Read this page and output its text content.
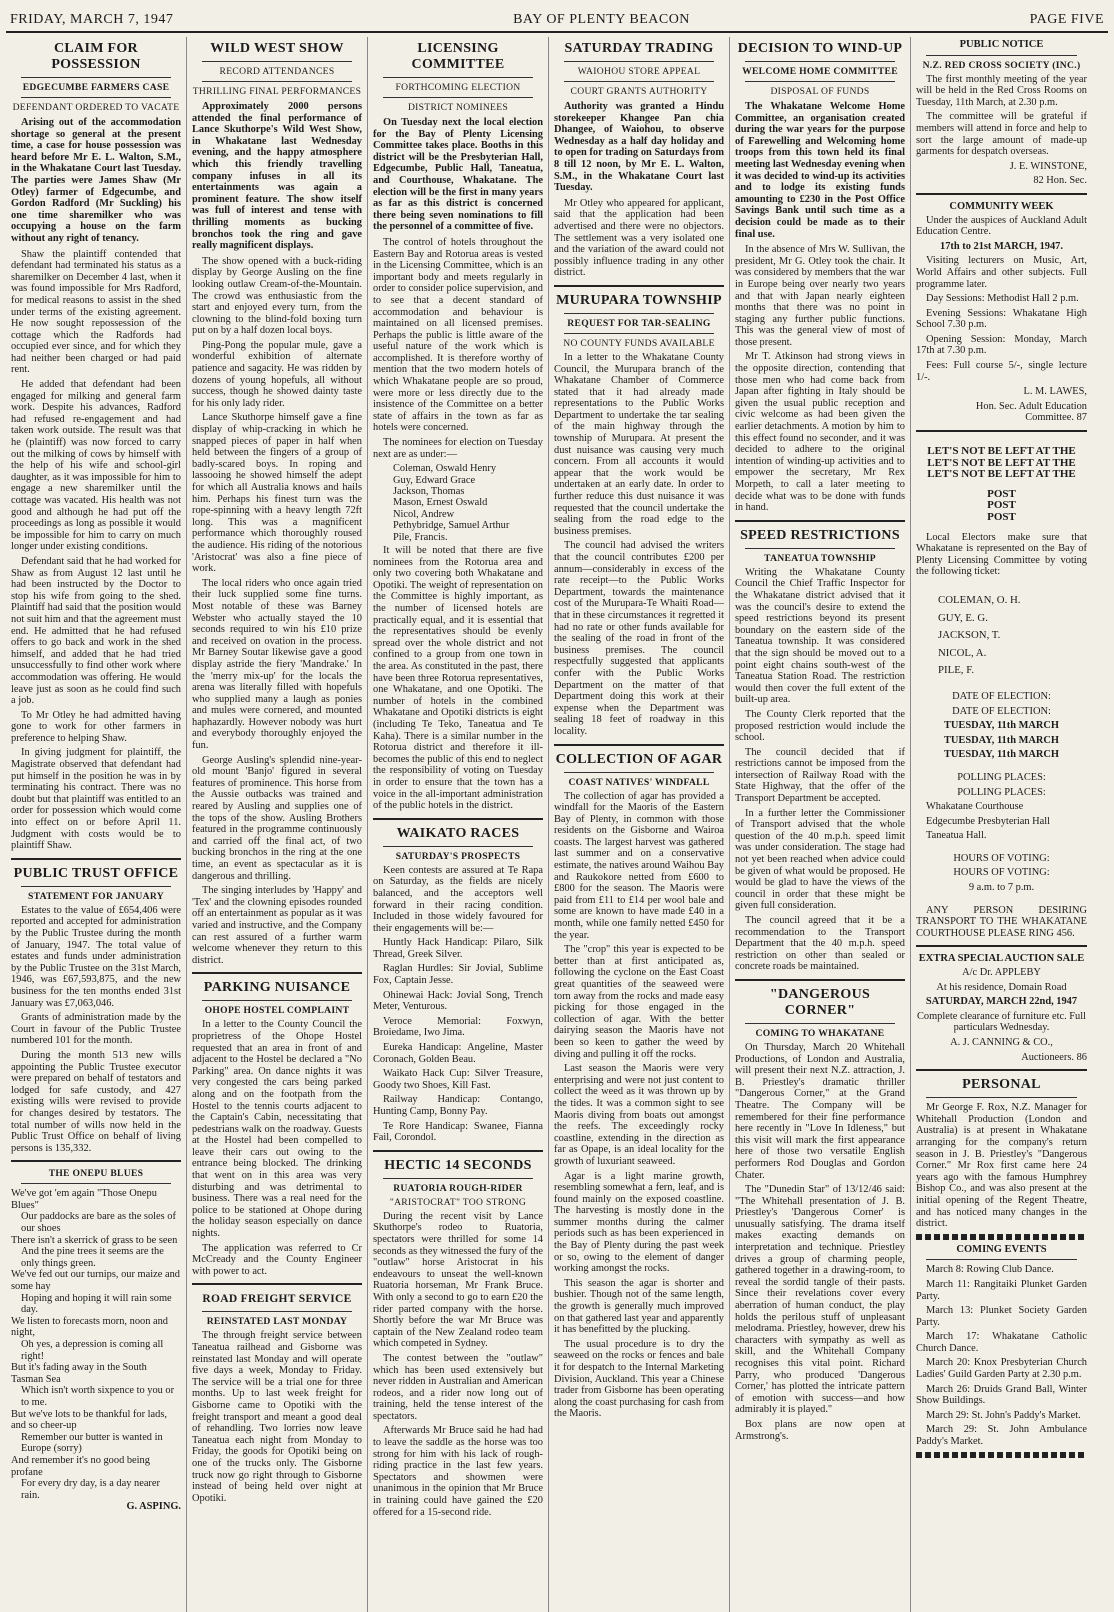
FRIDAY, MARCH 7, 1947	BAY OF PLENTY BEACON	PAGE FIVE
CLAIM FOR POSSESSION
EDGECUMBE FARMERS CASE
DEFENDANT ORDERED TO VACATE

Arising out of the accommodation shortage so general at the present time, a case for house possession was heard before Mr E. L. Walton, S.M., in the Whakatane Court last Tuesday. The parties were James Shaw (Mr Otley) farmer of Edgecumbe, and Gordon Radford (Mr Suckling) his one time sharemilker who was occupying a house on the farm without any right of tenancy.

Shaw the plaintiff contended that defendant had terminated his status as a sharemilker on December 4 last, when it was found impossible for Mrs Radford, for medical reasons to assist in the shed under terms of the existing agreement. He now sought repossession of the cottage which the Radfords had occupied ever since, and for which they had neither been charged or had paid rent.

He added that defendant had been engaged for milking and general farm work. Despite his advances, Radford had refused re-engagement and had taken work outside. The result was that he (plaintiff) was now forced to carry out the milking of cows by himself with the help of his wife and school-girl daughter, as it was impossible for him to engage a new sharemilker until the cottage was vacated. His health was not good and although he had put off the proceedings as long as possible it would be impossible for him to carry on much longer under existing conditions.

Defendant said that he had worked for Shaw as from August 12 last until he had been instructed by the Doctor to stop his wife from going to the shed. Plaintiff had said that the position would not suit him and that the agreement must end. He admitted that he had refused offers to go back and work in the shed himself, and added that he had tried unsuccessfully to find other work where accommodation was offering. He would leave just as soon as he could find such a job.

To Mr Otley he had admitted having gone to work for other farmers in preference to helping Shaw.

In giving judgment for plaintiff, the Magistrate observed that defendant had put himself in the position he was in by terminating his contract. There was no doubt but that plaintiff was entitled to an order for possession which would come into effect on or before April 11. Judgment with costs would be to plaintiff Shaw.

PUBLIC TRUST OFFICE
STATEMENT FOR JANUARY

Estates to the value of £654,406 were reported and accepted for administration by the Public Trustee during the month of January, 1947. The total value of estates and funds under administration by the Public Trustee on the 31st March, 1946, was £67,593,875, and the new business for the ten months ended 31st January was £7,063,046.

Grants of administration made by the Court in favour of the Public Trustee numbered 101 for the month.

During the month 513 new wills appointing the Public Trustee executor were prepared on behalf of testators and lodged for safe custody, and 427 existing wills were revised to provide for changes desired by testators. The total number of wills now held in the Public Trust Office on behalf of living persons is 135,332.

THE ONEPU BLUES

We've got 'em again "Those Onepu Blues"

Our paddocks are bare as the soles of our shoes

There isn't a skerrick of grass to be seen

And the pine trees it seems are the only things green.

We've fed out our turnips, our maize and some hay

Hoping and hoping it will rain some day.

We listen to forecasts morn, noon and night,

Oh yes, a depression is coming all right!

But it's fading away in the South Tasman Sea

Which isn't worth sixpence to you or to me.

But we've lots to be thankful for lads, and so cheer-up

Remember our butter is wanted in Europe (sorry)

And remember it's no good being profane

For every dry day, is a day nearer rain.

G. ASPING.

WILD WEST SHOW
RECORD ATTENDANCES
THRILLING FINAL PERFORMANCES

Approximately 2000 persons attended the final performance of Lance Skuthorpe's Wild West Show, in Whakatane last Wednesday evening, and the happy atmosphere which this friendly travelling company infuses in all its entertainments was again a prominent feature. The show itself was full of interest and tense with thrilling moments as bucking bronchos took the ring and gave really magnificent displays.

The show opened with a buck-riding display by George Ausling on the fine looking outlaw Cream-of-the-Mountain. The crowd was enthusiastic from the start and enjoyed every turn, from the clowning to the blind-fold boxing turn put on by a half dozen local boys.

Ping-Pong the popular mule, gave a wonderful exhibition of alternate patience and sagacity. He was ridden by dozens of young hopefuls, all without success, though he showed dainty taste for his only lady rider.

Lance Skuthorpe himself gave a fine display of whip-cracking in which he snapped pieces of paper in half when held between the fingers of a group of badly-scared boys. In roping and lassooing he showed himself the adept for which all Australia knows and hails him. Perhaps his finest turn was the rope-spinning with a heavy length 72ft long. This was a magnificent performance which thoroughly roused the audience. His riding of the notorious 'Aristocrat' was also a fine piece of work.

The local riders who once again tried their luck supplied some fine turns. Most notable of these was Barney Webster who actually stayed the 10 seconds required to win his £10 prize and received on ovation in the process. Mr Barney Soutar likewise gave a good display astride the fiery 'Mandrake.' In the 'merry mix-up' for the locals the arena was literally filled with hopefuls who supplied many a laugh as ponies and mules were cornered, and mounted haphazardly. However nobody was hurt and everybody thoroughly enjoyed the fun.

George Ausling's splendid nine-year-old mount 'Banjo' figured in several features of prominence. This horse from the Aussie outbacks was trained and reared by Ausling and supplies one of the tops of the show. Ausling Brothers featured in the programme continuously and carried off the final act, of two bucking bronchos in the ring at the one time, an event as spectacular as it is dangerous and thrilling.

The singing interludes by 'Happy' and 'Tex' and the clowning episodes rounded off an entertainment as popular as it was varied and instructive, and the Company can rest assured of a further warm welcome whenever they return to this district.

PARKING NUISANCE
OHOPE HOSTEL COMPLAINT

In a letter to the County Council the proprietress of the Ohope Hostel requested that an area in front of and adjacent to the Hostel be declared a "No Parking" area. On dance nights it was very congested the cars being parked along and on the footpath from the Hostel to the tennis courts adjacent to the Captain's Cabin, necessitating that pedestrians walk on the roadway. Guests at the Hostel had been compelled to leave their cars out owing to the entrance being blocked. The drinking that went on in this area was very disturbing and was detrimental to business. There was a real need for the police to be stationed at Ohope during the holiday season especially on dance nights.

The application was referred to Cr McCready and the County Engineer with power to act.

ROAD FREIGHT SERVICE
REINSTATED LAST MONDAY

The through freight service between Taneatua railhead and Gisborne was reinstated last Monday and will operate five days a week, Monday to Friday. The service will be a trial one for three months. Up to last week freight for Gisborne came to Opotiki with the freight transport and meant a good deal of rehandling. Two lorries now leave Taneatua each night from Monday to Friday, the goods for Opotiki being on one of the trucks only. The Gisborne truck now go right through to Gisborne instead of being held over night at Opotiki.

LICENSING COMMITTEE
FORTHCOMING ELECTION
DISTRICT NOMINEES

On Tuesday next the local election for the Bay of Plenty Licensing Committee takes place. Booths in this district will be the Presbyterian Hall, Edgecumbe, Public Hall, Taneatua, and Courthouse, Whakatane. The election will be the first in many years as far as this district is concerned there being seven nominations to fill the personnel of a committee of five.

The control of hotels throughout the Eastern Bay and Rotorua areas is vested in the Licensing Committee, which is an important body and meets regularly in order to consider police supervision, and to see that a decent standard of accommodation and behaviour is maintained on all licensed premises. Perhaps the public is little aware of the useful nature of the work which is accomplished. It is therefore worthy of mention that the two modern hotels of which Whakatane people are so proud, were more or less directly due to the insistence of the Committee on a better state of affairs in the town as far as hotels were concerned.

The nominees for election on Tuesday next are as under:—

Coleman, Oswald Henry
Guy, Edward Grace
Jackson, Thomas
Mason, Ernest Oswald
Nicol, Andrew
Pethybridge, Samuel Arthur
Pile, Francis.

It will be noted that there are five nominees from the Rotorua area and only two covering both Whakatane and Opotiki. The weight of representation on the Committee is highly important, as the number of licensed hotels are practically equal, and it is essential that the representatives should be evenly spread over the whole district and not confined to a group from one town in the area. As constituted in the past, there have been three Rotorua representatives, one Whakatane, and one Opotiki. The number of hotels in the combined Whakatane and Opotiki districts is eight (including Te Teko, Taneatua and Te Kaha). There is a similar number in the Rotorua district and therefore it ill-becomes the public of this end to neglect the responsibility of voting on Tuesday in order to ensure that the town has a voice in the all-important administration of the public hotels in the district.

WAIKATO RACES
SATURDAY'S PROSPECTS

Keen contests are assured at Te Rapa on Saturday, as the fields are nicely balanced, and the acceptors well forward in their racing condition. Included in those widely favoured for their engagements will be:—

Huntly Hack Handicap: Pilaro, Silk Thread, Greek Silver.

Raglan Hurdles: Sir Jovial, Sublime Fox, Captain Jesse.

Ohinewai Hack: Jovial Song, Trench Meter, Venturous.

Veroce Memorial: Foxwyn, Broiedame, Iwo Jima.

Eureka Handicap: Angeline, Master Coronach, Golden Beau.

Waikato Hack Cup: Silver Treasure, Goody two Shoes, Kill Fast.

Railway Handicap: Contango, Hunting Camp, Bonny Pay.

Te Rore Handicap: Swanee, Fianna Fail, Corondol.

HECTIC 14 SECONDS
RUATORIA ROUGH-RIDER
"ARISTOCRAT" TOO STRONG

During the recent visit by Lance Skuthorpe's rodeo to Ruatoria, spectators were thrilled for some 14 seconds as they witnessed the fury of the "outlaw" horse Aristocrat in his endeavours to unseat the well-known Ruatoria horseman, Mr Frank Bruce. With only a second to go to earn £20 the rider parted company with the horse. Shortly before the war Mr Bruce was captain of the New Zealand rodeo team which competed in Sydney.

The contest between the "outlaw" which has been used extensively but never ridden in Australian and American rodeos, and a rider now long out of training, held the tense interest of the spectators.

Afterwards Mr Bruce said he had had to leave the saddle as the horse was too strong for him with his lack of rough-riding practice in the last few years. Spectators and showmen were unanimous in the opinion that Mr Bruce in training could have gained the £20 offered for a 15-second ride.

SATURDAY TRADING
WAIOHOU STORE APPEAL
COURT GRANTS AUTHORITY

Authority was granted a Hindu storekeeper Khangee Pan chia Dhangee, of Waiohou, to observe Wednesday as a half day holiday and to open for trading on Saturdays from 8 till 12 noon, by Mr E. L. Walton, S.M., in the Whakatane Court last Tuesday.

Mr Otley who appeared for applicant, said that the application had been advertised and there were no objectors. The settlement was a very isolated one and the variation of the award could not possibly influence trading in any other district.

MURUPARA TOWNSHIP
REQUEST FOR TAR-SEALING
NO COUNTY FUNDS AVAILABLE

In a letter to the Whakatane County Council, the Murupara branch of the Whakatane Chamber of Commerce stated that it had already made representations to the Public Works Department to undertake the tar sealing of the main highway through the township of Murupara. At present the dust nuisance was causing very much concern. From all accounts it would appear that the work would be undertaken at an early date. In order to further reduce this dust nuisance it was requested that the council undertake the sealing from the road edge to the business premises.

The council had advised the writers that the council contributes £200 per annum—considerably in excess of the rate receipt—to the Public Works Department, towards the maintenance cost of the Murupara-Te Whaiti Road—that in these circumstances it regretted it had no rate or other funds available for the sealing of the road in front of the business premises. The council respectfully suggested that applicants confer with the Public Works Department on the matter of that Department doing this work at their expense when the Department was sealing 18 feet of roadway in this locality.

COLLECTION OF AGAR
COAST NATIVES' WINDFALL

The collection of agar has provided a windfall for the Maoris of the Eastern Bay of Plenty, in common with those residents on the Gisborne and Wairoa coasts. The largest harvest was gathered last summer and on a conservative estimate, the natives around Waihou Bay and Raukokore netted from £600 to £800 for the season. The Maoris were paid from £11 to £14 per wool bale and some are known to have made £40 in a month, while one family netted £450 for the year.

The "crop" this year is expected to be better than at first anticipated as, following the cyclone on the East Coast great quantities of the seaweed were torn away from the rocks and made easy picking for those engaged in the collection of agar. With the better dairying season the Maoris have not been so keen to gather the weed by diving and pulling it off the rocks.

Last season the Maoris were very enterprising and were not just content to collect the weed as it was thrown up by the tides. It was a common sight to see Maoris diving from boats out amongst the reefs. The exceedingly rocky coastline, extending in the direction as far as Opape, is an ideal locality for the growth of luxuriant seaweed.

Agar is a light marine growth, resembling somewhat a fern, leaf, and is found mainly on the exposed coastline. The harvesting is mostly done in the summer months during the calmer periods such as has been experienced in the Bay of Plenty during the past week or so, owing to the element of danger working amongst the rocks.

This season the agar is shorter and bushier. Though not of the same length, the growth is generally much improved on that gathered last year and apparently it has benefitted by the plucking.

The usual procedure is to dry the seaweed on the rocks or fences and bale it for despatch to the Internal Marketing Division, Auckland. This year a Chinese trader from Gisborne has been operating along the coast purchasing for cash from the Maoris.

DECISION TO WIND-UP
WELCOME HOME COMMITTEE
DISPOSAL OF FUNDS

The Whakatane Welcome Home Committee, an organisation created during the war years for the purpose of Farewelling and Welcoming home troops from this town held its final meeting last Wednesday evening when it was decided to wind-up its activities and to lodge its existing funds amounting to £230 in the Post Office Savings Bank until such time as a decision could be made as to their final use.

In the absence of Mrs W. Sullivan, the president, Mr G. Otley took the chair. It was considered by members that the war in Europe being over nearly two years and that with Japan nearly eighteen months that there was no point in staging any further public functions. This was the general view of most of those present.

Mr T. Atkinson had strong views in the opposite direction, contending that those men who had come back from Japan after fighting in Italy should be given the usual public reception and civic welcome as had been given the earlier detachments. A motion by him to this effect found no seconder, and it was decided to adhere to the original intention of winding-up activities and to empower the secretary, Mr Rex Morpeth, to call a later meeting to decide what was to be done with funds in hand.

SPEED RESTRICTIONS
TANEATUA TOWNSHIP

Writing the Whakatane County Council the Chief Traffic Inspector for the Whakatane district advised that it was the council's desire to extend the speed restrictions beyond its present boundary on the eastern side of the Taneatua township. It was considered that the sign should be moved out to a point eight chains south-west of the Taneatua Station Road. The restriction would then cover the full extent of the built-up area.

The County Clerk reported that the proposed restriction would include the school.

The council decided that if restrictions cannot be imposed from the intersection of Railway Road with the State Highway, that the offer of the Transport Department be accepted.

In a further letter the Commissioner of Transport advised that the whole question of the 40 m.p.h. speed limit was under consideration. The stage had not yet been reached when advice could be given of what would be proposed. He would be glad to have the views of the council in order that these might be given full consideration.

The council agreed that it be a recommendation to the Transport Department that the 40 m.p.h. speed restriction on other than sealed or concrete roads be maintained.

"DANGEROUS CORNER"
COMING TO WHAKATANE

On Thursday, March 20 Whitehall Productions, of London and Australia, will present their next N.Z. attraction, J. B. Priestley's dramatic thriller "Dangerous Corner," at the Grand Theatre. The Company will be remembered for their fine performance here recently in "Love In Idleness," but this visit will mark the first appearance here of those two versatile English performers Rod Douglas and Gordon Chater.

The "Dunedin Star" of 13/12/46 said: "The Whitehall presentation of J. B. Priestley's 'Dangerous Corner' is unusually satisfying. The drama itself makes exacting demands on interpretation and technique. Priestley drives a group of charming people, gathered together in a drawing-room, to reveal the sordid tangle of their pasts. Since their revelations cover every aberration of human conduct, the play holds the perilous stuff of unpleasant melodrama. Priestley, however, drew his characters with sympathy as well as skill, and the Whitehall Company recognises this vital point. Richard Parry, who produced 'Dangerous Corner,' has plotted the intricate pattern of emotion with success—and how admirably it is played."

Box plans are now open at Armstrong's.

PUBLIC NOTICE
N.Z. RED CROSS SOCIETY (INC.)

The first monthly meeting of the year will be held in the Red Cross Rooms on Tuesday, 11th March, at 2.30 p.m.

The committee will be grateful if members will attend in force and help to sort the large amount of made-up garments for despatch overseas.

J. E. WINSTONE,

82 Hon. Sec.

COMMUNITY WEEK

Under the auspices of Auckland Adult Education Centre.

17th to 21st MARCH, 1947.

Visiting lecturers on Music, Art, World Affairs and other subjects. Full programme later.

Day Sessions: Methodist Hall 2 p.m.

Evening Sessions: Whakatane High School 7.30 p.m.

Opening Session: Monday, March 17th at 7.30 p.m.

Fees: Full course 5/-, single lecture 1/-.

L. M. LAWES,

Hon. Sec. Adult Education Committee. 87

LET'S NOT BE LEFT AT THE
LET'S NOT BE LEFT AT THE
LET'S NOT BE LEFT AT THE
POST
POST
POST

Local Electors make sure that Whakatane is represented on the Bay of Plenty Licensing Committee by voting the following ticket:

COLEMAN, O. H.
GUY, E. G.
JACKSON, T.
NICOL, A.
PILE, F.

DATE OF ELECTION:

DATE OF ELECTION:

TUESDAY, 11th MARCH

TUESDAY, 11th MARCH

TUESDAY, 11th MARCH

POLLING PLACES:

POLLING PLACES:

Whakatane Courthouse

Edgecumbe Presbyterian Hall

Taneatua Hall.

HOURS OF VOTING:

HOURS OF VOTING:

9 a.m. to 7 p.m.

ANY PERSON DESIRING TRANSPORT TO THE WHAKATANE COURTHOUSE PLEASE RING 456.

EXTRA SPECIAL AUCTION SALE

A/c Dr. APPLEBY

At his residence, Domain Road

SATURDAY, MARCH 22nd, 1947

Complete clearance of furniture etc. Full particulars Wednesday.

A. J. CANNING & CO.,

Auctioneers. 86

PERSONAL

Mr George F. Rox, N.Z. Manager for Whitehall Production (London and Australia) is at present in Whakatane arranging for the company's return season in J. B. Priestley's "Dangerous Corner." Mr Rox first came here 24 years ago with the famous Humphrey Bishop Co., and was also present at the initial opening of the Regent Theatre, and has noticed many changes in the district.

COMING EVENTS

March 8: Rowing Club Dance.

March 11: Rangitaiki Plunket Garden Party.

March 13: Plunket Society Garden Party.

March 17: Whakatane Catholic Church Dance.

March 20: Knox Presbyterian Church Ladies' Guild Garden Party at 2.30 p.m.

March 26: Druids Grand Ball, Winter Show Buildings.

March 29: St. John's Paddy's Market.

March 29: St. John Ambulance Paddy's Market.
